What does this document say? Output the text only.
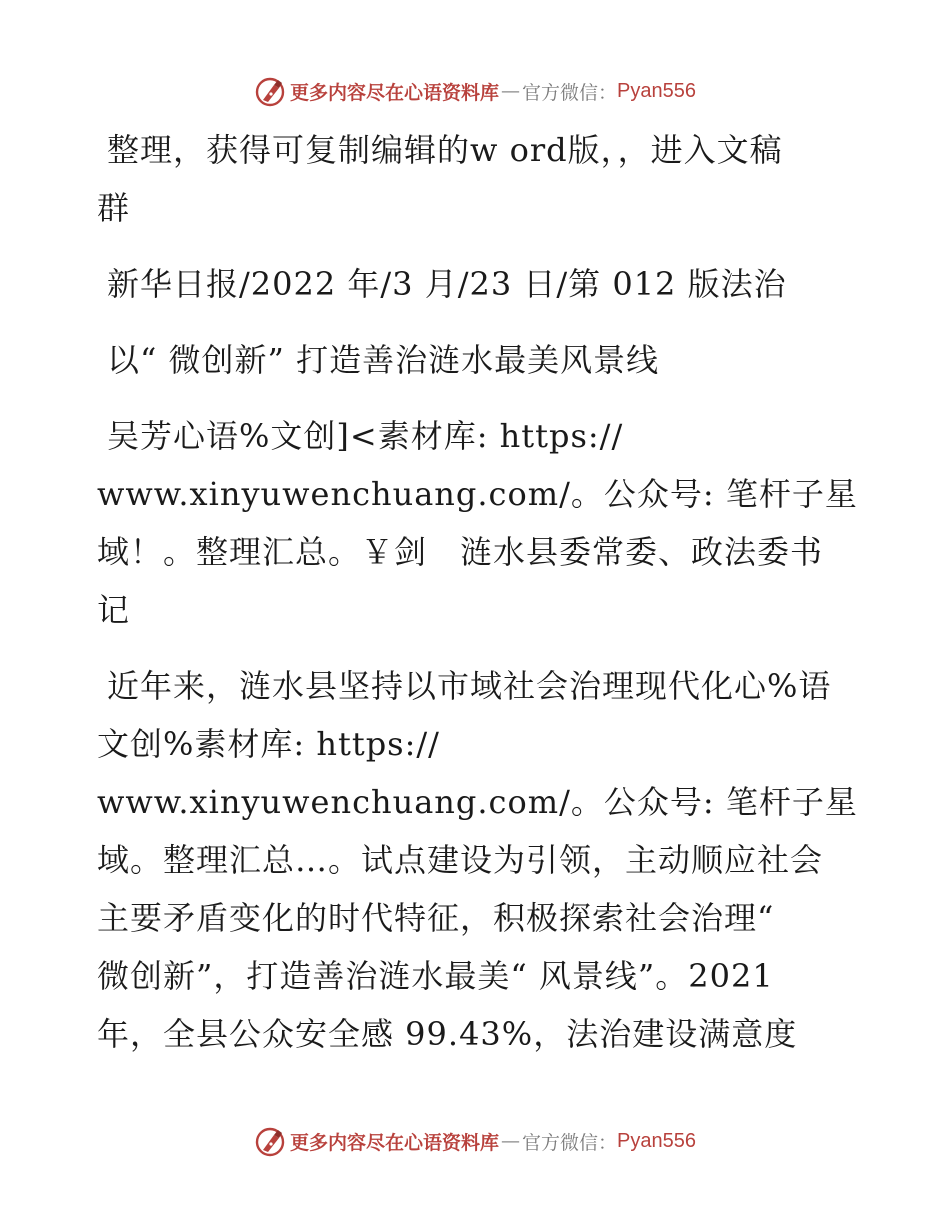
更多内容尽在心语资料库 — 官方微信： Pyan556
整理，获得可复制编辑的w ord版，，进入文稿
群
新华日报/2022 年/3 月/23 日/第 012 版法治
以“ 微创新” 打造善治涟水最美风景线
吴芳心语%文创]<素材库: https://
www.xinyuwenchuang.com/。公众号: 笔杆子星
域！。整理汇总。￥剑　涟水县委常委、政法委书
记
近年来，涟水县坚持以市域社会治理现代化心%语
文创%素材库: https://
www.xinyuwenchuang.com/。公众号: 笔杆子星
域。整理汇总…。试点建设为引领，主动顺应社会
主要矛盾变化的时代特征，积极探索社会治理“
微创新”，打造善治涟水最美“ 风景线”。2021
年，全县公众安全感 99.43%，法治建设满意度
更多内容尽在心语资料库 — 官方微信： Pyan556
